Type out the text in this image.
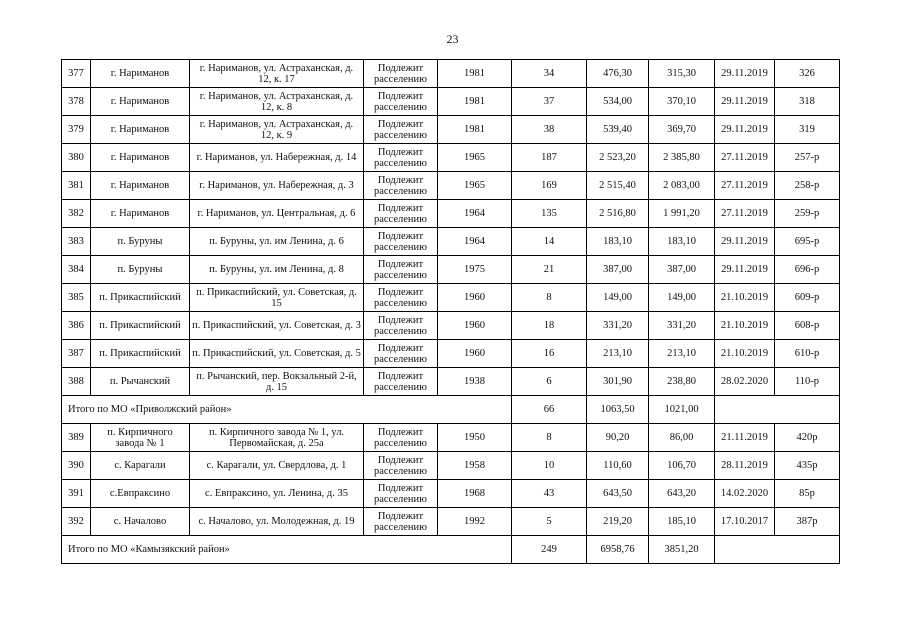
23
377	г. Нариманов	г. Нариманов, ул. Астраханская, д. 12, к. 17	Подлежит расселению	1981	34	476,30	315,30	29.11.2019	326
378	г. Нариманов	г. Нариманов, ул. Астраханская, д. 12, к. 8	Подлежит расселению	1981	37	534,00	370,10	29.11.2019	318
379	г. Нариманов	г. Нариманов, ул. Астраханская, д. 12, к. 9	Подлежит расселению	1981	38	539,40	369,70	29.11.2019	319
380	г. Нариманов	г. Нариманов, ул. Набережная, д. 14	Подлежит расселению	1965	187	2 523,20	2 385,80	27.11.2019	257-р
381	г. Нариманов	г. Нариманов, ул. Набережная, д. 3	Подлежит расселению	1965	169	2 515,40	2 083,00	27.11.2019	258-р
382	г. Нариманов	г. Нариманов, ул. Центральная, д. 6	Подлежит расселению	1964	135	2 516,80	1 991,20	27.11.2019	259-р
383	п. Буруны	п. Буруны, ул. им Ленина, д. 6	Подлежит расселению	1964	14	183,10	183,10	29.11.2019	695-р
384	п. Буруны	п. Буруны, ул. им Ленина, д. 8	Подлежит расселению	1975	21	387,00	387,00	29.11.2019	696-р
385	п. Прикаспийский	п. Прикаспийский, ул. Советская, д. 15	Подлежит расселению	1960	8	149,00	149,00	21.10.2019	609-р
386	п. Прикаспийский	п. Прикаспийский, ул. Советская, д. 3	Подлежит расселению	1960	18	331,20	331,20	21.10.2019	608-р
387	п. Прикаспийский	п. Прикаспийский, ул. Советская, д. 5	Подлежит расселению	1960	16	213,10	213,10	21.10.2019	610-р
388	п. Рычанский	п. Рычанский, пер. Вокзальный 2-й, д. 15	Подлежит расселению	1938	6	301,90	238,80	28.02.2020	110-р
Итого по МО «Приволжский район»					66	1063,50	1021,00		
389	п. Кирпичного завода № 1	п. Кирпичного завода № 1, ул. Первомайская, д. 25а	Подлежит расселению	1950	8	90,20	86,00	21.11.2019	420р
390	с. Карагали	с. Карагали, ул. Свердлова, д. 1	Подлежит расселению	1958	10	110,60	106,70	28.11.2019	435р
391	с.Евпраксино	с. Евпраксино, ул. Ленина, д. 35	Подлежит расселению	1968	43	643,50	643,20	14.02.2020	85р
392	с. Началово	с. Началово, ул. Молодежная, д. 19	Подлежит расселению	1992	5	219,20	185,10	17.10.2017	387р
Итого по МО «Камызякский район»					249	6958,76	3851,20		
